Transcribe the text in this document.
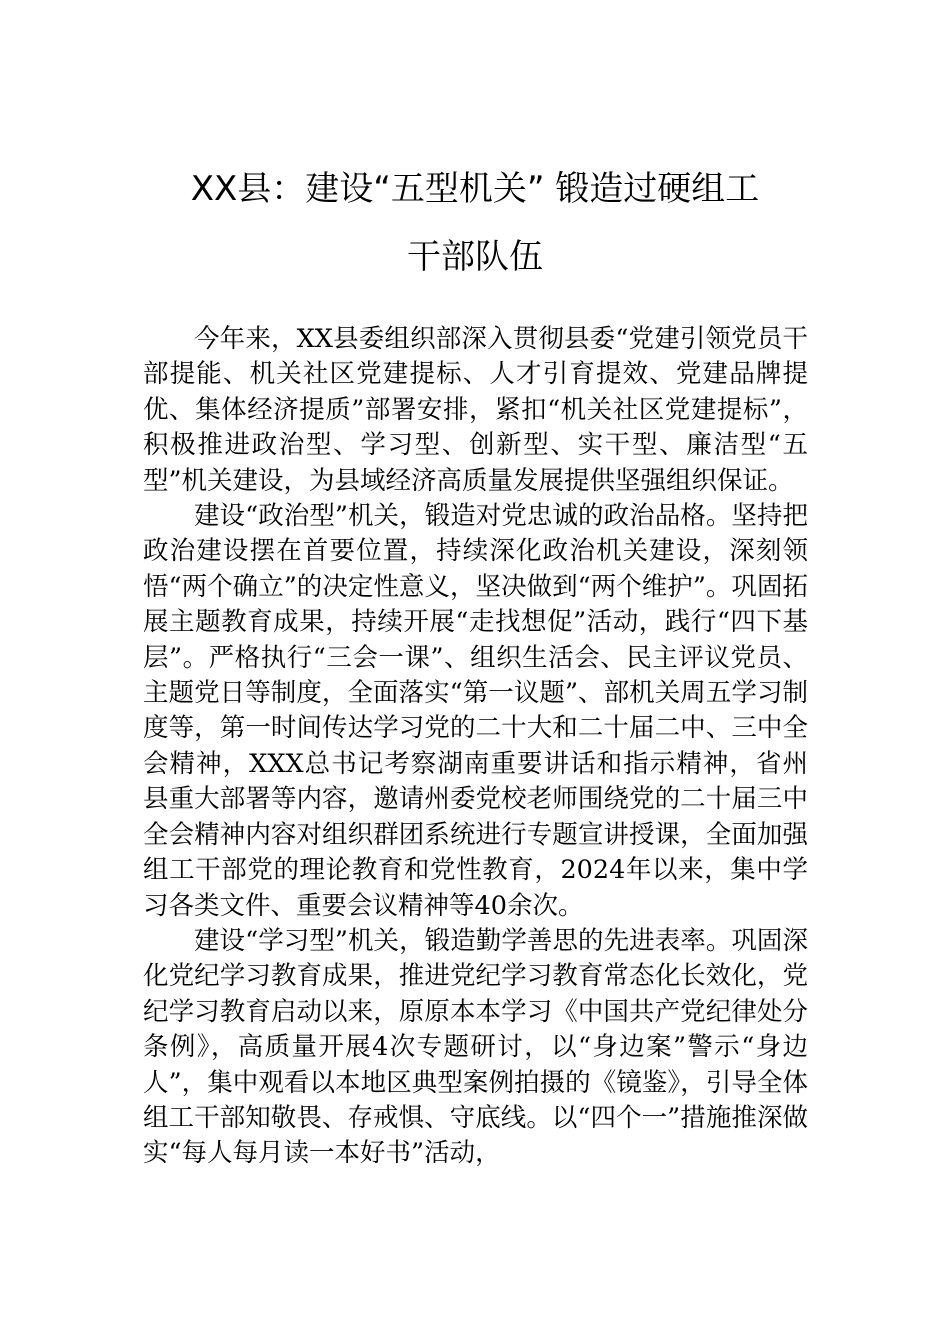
XX县：建设“五型机关” 锻造过硬组工
干部队伍

今年来，XX县委组织部深入贯彻县委“党建引领党员干部提能、机关社区党建提标、人才引育提效、党建品牌提优、集体经济提质”部署安排，紧扣“机关社区党建提标”，积极推进政治型、学习型、创新型、实干型、廉洁型“五型”机关建设，为县域经济高质量发展提供坚强组织保证。

建设“政治型”机关，锻造对党忠诚的政治品格。坚持把政治建设摆在首要位置，持续深化政治机关建设，深刻领悟“两个确立”的决定性意义，坚决做到“两个维护”。巩固拓展主题教育成果，持续开展“走找想促”活动，践行“四下基层”。严格执行“三会一课”、组织生活会、民主评议党员、主题党日等制度，全面落实“第一议题”、部机关周五学习制度等，第一时间传达学习党的二十大和二十届二中、三中全会精神，XXX总书记考察湖南重要讲话和指示精神，省州县重大部署等内容，邀请州委党校老师围绕党的二十届三中全会精神内容对组织群团系统进行专题宣讲授课，全面加强组工干部党的理论教育和党性教育，2024年以来，集中学习各类文件、重要会议精神等40余次。

建设“学习型”机关，锻造勤学善思的先进表率。巩固深化党纪学习教育成果，推进党纪学习教育常态化长效化，党纪学习教育启动以来，原原本本学习《中国共产党纪律处分条例》，高质量开展4次专题研讨，以“身边案”警示“身边人”，集中观看以本地区典型案例拍摄的《镜鉴》，引导全体组工干部知敬畏、存戒惧、守底线。以“四个一”措施推深做实“每人每月读一本好书”活动，
